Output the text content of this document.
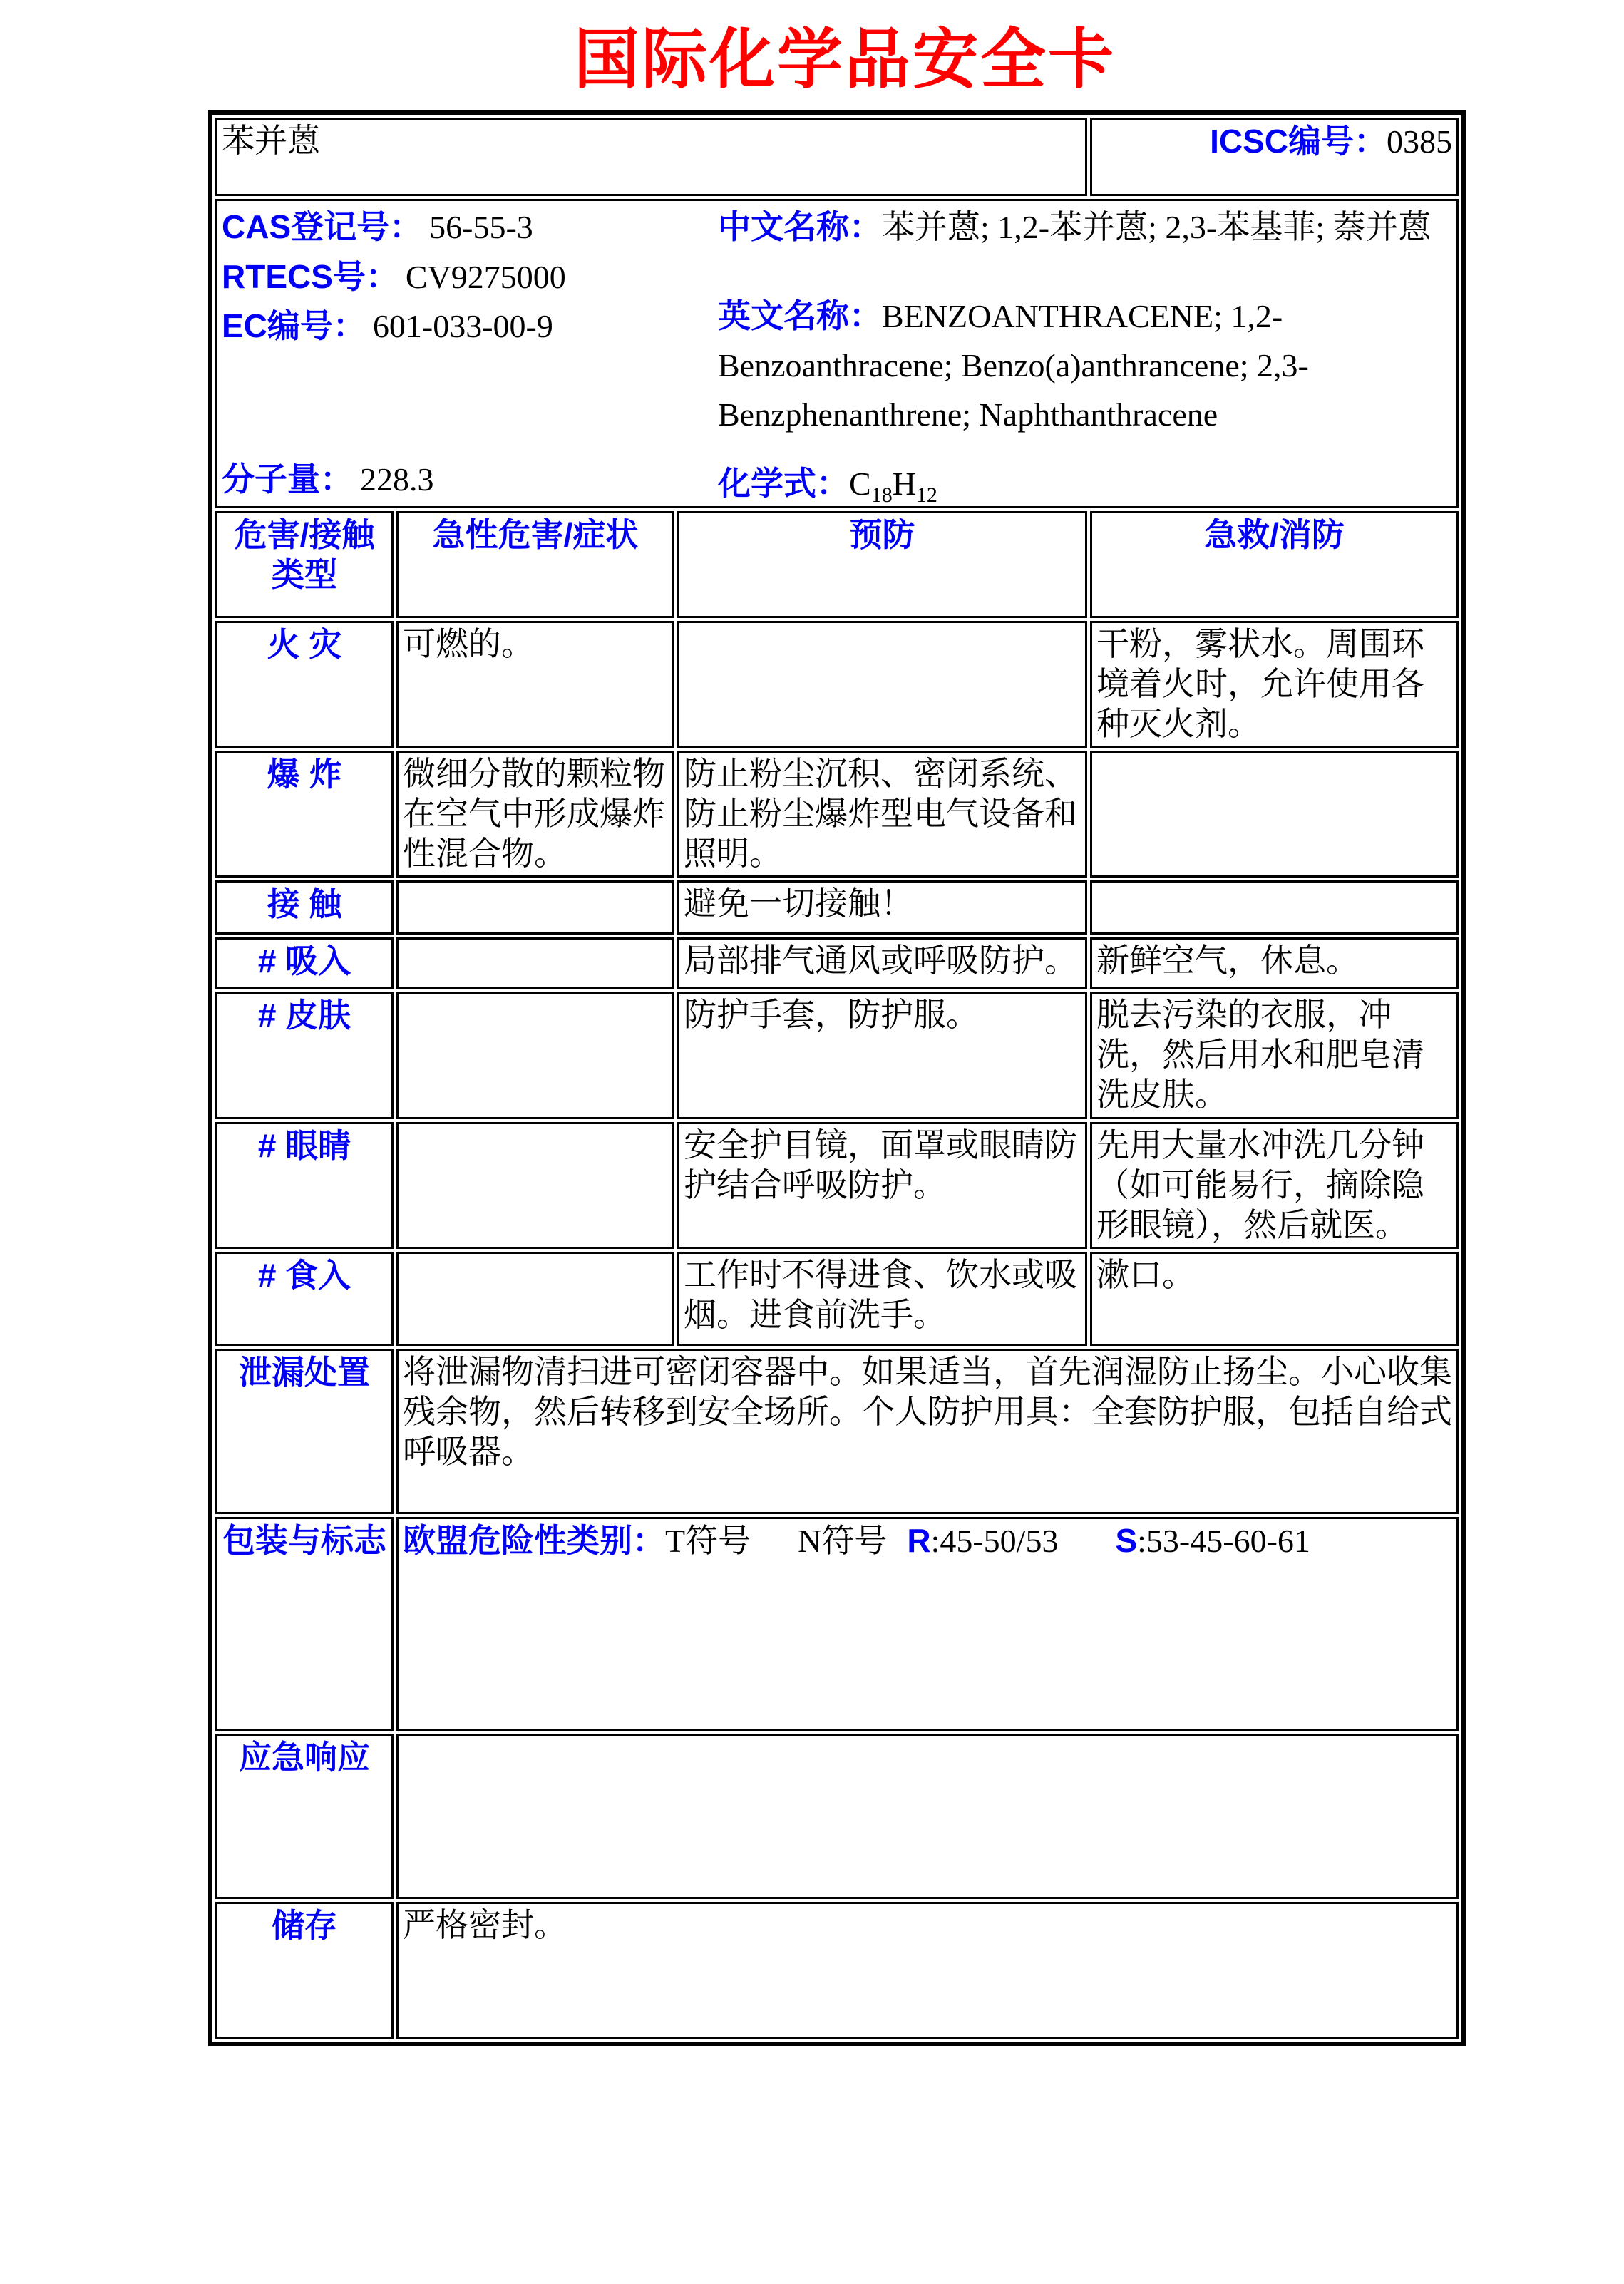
国际化学品安全卡
苯并蒽			ICSC编号：0385

CAS登记号： 56-55-3
RTECS号： CV9275000
EC编号： 601-033-00-9
分子量： 228.3
中文名称：苯并蒽; 1,2-苯并蒽; 2,3-苯基菲; 萘并蒽
英文名称：BENZOANTHRACENE; 1,2-Benzoanthracene; Benzo(a)anthrancene; 2,3-Benzphenanthrene; Naphthanthracene
化学式：$C_{18}H_{12}$

危害/接触类型	急性危害/症状	预防	急救/消防
火 灾	可燃的。		干粉，雾状水。周围环境着火时，允许使用各种灭火剂。
爆 炸	微细分散的颗粒物在空气中形成爆炸性混合物。	防止粉尘沉积、密闭系统、防止粉尘爆炸型电气设备和照明。	
接 触		避免一切接触！	
# 吸入		局部排气通风或呼吸防护。	新鲜空气，休息。
# 皮肤		防护手套，防护服。	脱去污染的衣服，冲洗，然后用水和肥皂清洗皮肤。
# 眼睛		安全护目镜，面罩或眼睛防护结合呼吸防护。	先用大量水冲洗几分钟（如可能易行，摘除隐形眼镜），然后就医。
# 食入		工作时不得进食、饮水或吸烟。进食前洗手。	漱口。
泄漏处置	将泄漏物清扫进可密闭容器中。如果适当，首先润湿防止扬尘。小心收集残余物，然后转移到安全场所。个人防护用具：全套防护服，包括自给式呼吸器。		
包装与标志	欧盟危险性类别：T符号 N符号 R:45-50/53 S:53-45-60-61		
应急响应			
储存	严格密封。		
